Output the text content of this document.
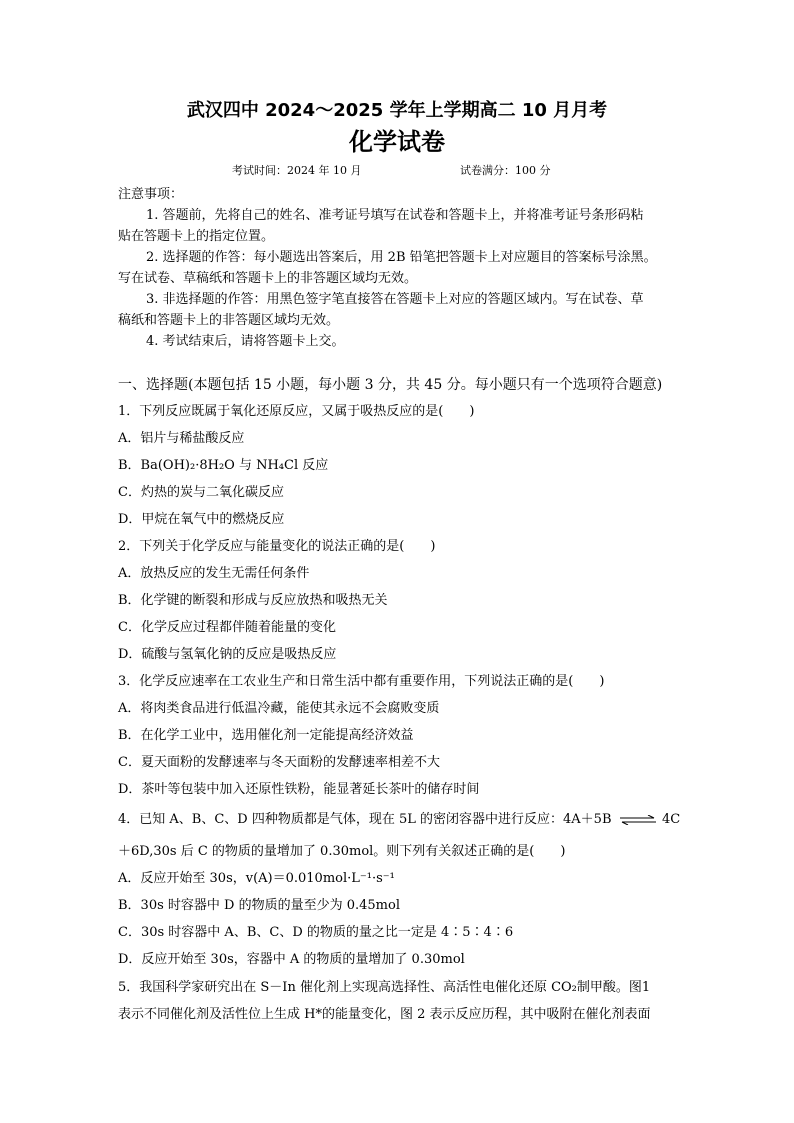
武汉四中 2024～2025 学年上学期高二 10 月月考
化学试卷
考试时间：2024 年 10 月	试卷满分：100 分
注意事项：
1. 答题前，先将自己的姓名、准考证号填写在试卷和答题卡上，并将准考证号条形码粘
贴在答题卡上的指定位置。
2. 选择题的作答：每小题选出答案后，用 2B 铅笔把答题卡上对应题目的答案标号涂黑。
写在试卷、草稿纸和答题卡上的非答题区域均无效。
3. 非选择题的作答：用黑色签字笔直接答在答题卡上对应的答题区域内。写在试卷、草
稿纸和答题卡上的非答题区域均无效。
4. 考试结束后，请将答题卡上交。
一、选择题(本题包括 15 小题，每小题 3 分，共 45 分。每小题只有一个选项符合题意)
1．下列反应既属于氧化还原反应，又属于吸热反应的是(　　)
A．铝片与稀盐酸反应
B．Ba(OH)₂·8H₂O 与 NH₄Cl 反应
C．灼热的炭与二氧化碳反应
D．甲烷在氧气中的燃烧反应
2．下列关于化学反应与能量变化的说法正确的是(　　)
A．放热反应的发生无需任何条件
B．化学键的断裂和形成与反应放热和吸热无关
C．化学反应过程都伴随着能量的变化
D．硫酸与氢氧化钠的反应是吸热反应
3．化学反应速率在工农业生产和日常生活中都有重要作用，下列说法正确的是(　　)
A．将肉类食品进行低温冷藏，能使其永远不会腐败变质
B．在化学工业中，选用催化剂一定能提高经济效益
C．夏天面粉的发酵速率与冬天面粉的发酵速率相差不大
D．茶叶等包装中加入还原性铁粉，能显著延长茶叶的储存时间
4．已知 A、B、C、D 四种物质都是气体，现在 5L 的密闭容器中进行反应：4A＋5B ⇌ 4C
＋6D,30s 后 C 的物质的量增加了 0.30mol。则下列有关叙述正确的是(　　)
A．反应开始至 30s，v(A)＝0.010mol·L⁻¹·s⁻¹
B．30s 时容器中 D 的物质的量至少为 0.45mol
C．30s 时容器中 A、B、C、D 的物质的量之比一定是 4∶5∶4∶6
D．反应开始至 30s，容器中 A 的物质的量增加了 0.30mol
5．我国科学家研究出在 S－In 催化剂上实现高选择性、高活性电催化还原 CO₂制甲酸。图1
表示不同催化剂及活性位上生成 H*的能量变化，图 2 表示反应历程，其中吸附在催化剂表面
